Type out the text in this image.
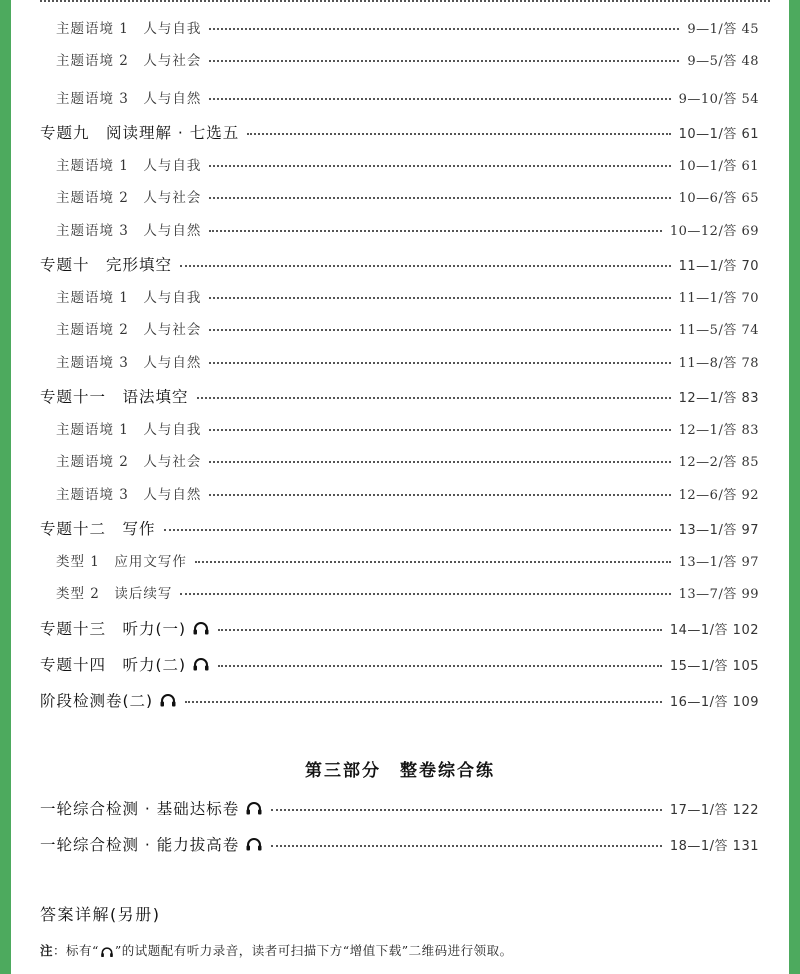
主题语境 1　人与自我	9—1/答 45
主题语境 2　人与社会	9—5/答 48
主题语境 3　人与自然	9—10/答 54
专题九　阅读理解 · 七选五	10—1/答 61
主题语境 1　人与自我	10—1/答 61
主题语境 2　人与社会	10—6/答 65
主题语境 3　人与自然	10—12/答 69
专题十　完形填空	11—1/答 70
主题语境 1　人与自我	11—1/答 70
主题语境 2　人与社会	11—5/答 74
主题语境 3　人与自然	11—8/答 78
专题十一　语法填空	12—1/答 83
主题语境 1　人与自我	12—1/答 83
主题语境 2　人与社会	12—2/答 85
主题语境 3　人与自然	12—6/答 92
专题十二　写作	13—1/答 97
类型 1　应用文写作	13—1/答 97
类型 2　读后续写	13—7/答 99
专题十三　听力(一)	14—1/答 102
专题十四　听力(二)	15—1/答 105
阶段检测卷(二)	16—1/答 109
第三部分　整卷综合练
一轮综合检测 · 基础达标卷	17—1/答 122
一轮综合检测 · 能力拔高卷	18—1/答 131
答案详解(另册)
注：标有“ ”的试题配有听力录音，读者可扫描下方“增值下载”二维码进行领取。
